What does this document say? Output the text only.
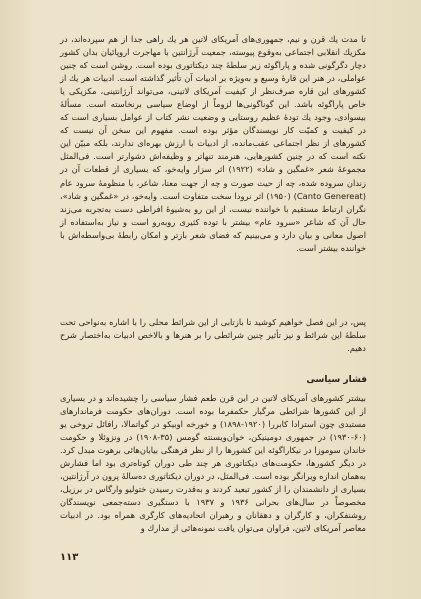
تا مدت یك قرن و نیم، جمهوری‌های آمریکای لاتین هر یك راهی جدا از هم سپرده‌اند، در مکزیك انقلابی اجتماعی به‌وقوع پیوسته، جمعیت آرژانتین با مهاجرت اروپائیان بدان کشور دچار دگرگونی شده و پاراگوئه زیر سلطهٔ چند دیکتاتوری بوده است. روشن است که چنین عواملی، در هنر این قارهٔ وسیع و به‌ویژه بر ادبیات آن تأثیر گذاشته است. ادبیات هر یك از کشورهای این قاره صرف‌نظر از کیفیت آمریکای لاتینی، می‌تواند آرژانتینی، مکزیکی یا خاص پاراگوئه باشد. این گوناگونی‌ها لزوماً از اوضاع سیاسی برنخاسته است. مسألهٔ بیسوادی، وجود یك تودهٔ عظیم روستایی و وضعیت نشر کتاب از عوامل بسیاری است که در کیفیت و کمیّت کار نویسندگان مؤثر بوده است. مفهوم این سخن آن نیست که کشورهای از نظر اجتماعی عقب‌مانده، از ادبیات با ارزش بهره‌ای ندارند، بلکه مبیّن این نکته است که در چنین کشورهایی، هنرمند تنهاتر و وظیفه‌اش دشوارتر است. فی‌المثل مجموعهٔ شعر «غمگین و شاد» (۱۹۲۲) اثر سزار وایه‌خو، که بسیاری از قطعات آن در زندان سروده شده، چه از حیث صورت و چه از جهت معنا، شاعر، با منظومهٔ سرود عام (Canto Genereat) (۱۹۵۰) اثر نرودا سخت متفاوت است. وایه‌خو، در «غمگین و شاد»، نگران ارتباط مستقیم با خواننده نیست، از این رو به‌شیوهٔ افراطی دست به‌تجربه می‌زند حال آن که شاعر «سرود عام» بیشتر با توده کثیری روبه‌رو است و نیاز به‌استفاده از اصول معانی و بیان دارد و می‌بینیم که فضای شعر بازتر و امکان رابطهٔ بی‌واسطه‌اش با خواننده بیشتر است.

پس، در این فصل خواهیم کوشید تا بازتابی از این شرائط محلی را با اشاره به‌نواحی تحت سلطهٔ این شرائط و نیز تأثیر چنین شرائطی را بر هنرها و بالاخص ادبیات به‌اختصار شرح دهیم.

فشار سیاسی

بیشتر کشورهای آمریکای لاتین در این قرن طعم فشار سیاسی را چشیده‌اند و در بسیاری از این کشورها شرائطی مرگبار حکمفرما بوده است. دوران‌های حکومت فرماندارهای مستبدی چون استرادا کابررا (۱۹۲۰-۱۸۹۸) و خورخه اوبیکو در گواتمالا، رافائل تروخی یو (۶۰-۱۹۳۰) در جمهوری دومینیکن، خوان‌ویسنته گومس (۳۵-۱۹۰۸) در ونزوئلا و حکومت خاندان سوموزا در نیکاراگوئه این کشورها را از نظر فرهنگی بیابان‌هائی برهوت مبدل کرد. در دیگر کشورها، حکومت‌های دیکتاتوری هر چند طی دوران کوتاه‌تری بود اما فشارش به‌همان اندازه ویرانگر بوده است. فی‌المثل، در دوران دیکتاتوری ده‌سالهٔ پرون در آرژانتین، بسیاری از دانشمندان را از کشور تبعید کردند و به‌قدرت رسیدن ختولیو وارگاس در برزیل، مخصوصاً در سال‌های بحرانی ۱۹۳۶ و ۱۹۳۷ با دستگیری دسته‌جمعی نویسندگان روشنفکران، و کارگران و دهقانان و رهبران اتحادیه‌های کارگری همراه بود. در ادبیات معاصر آمریکای لاتین، فراوان می‌توان یافت نمونه‌هائی از مدارك و

۱۱۳
